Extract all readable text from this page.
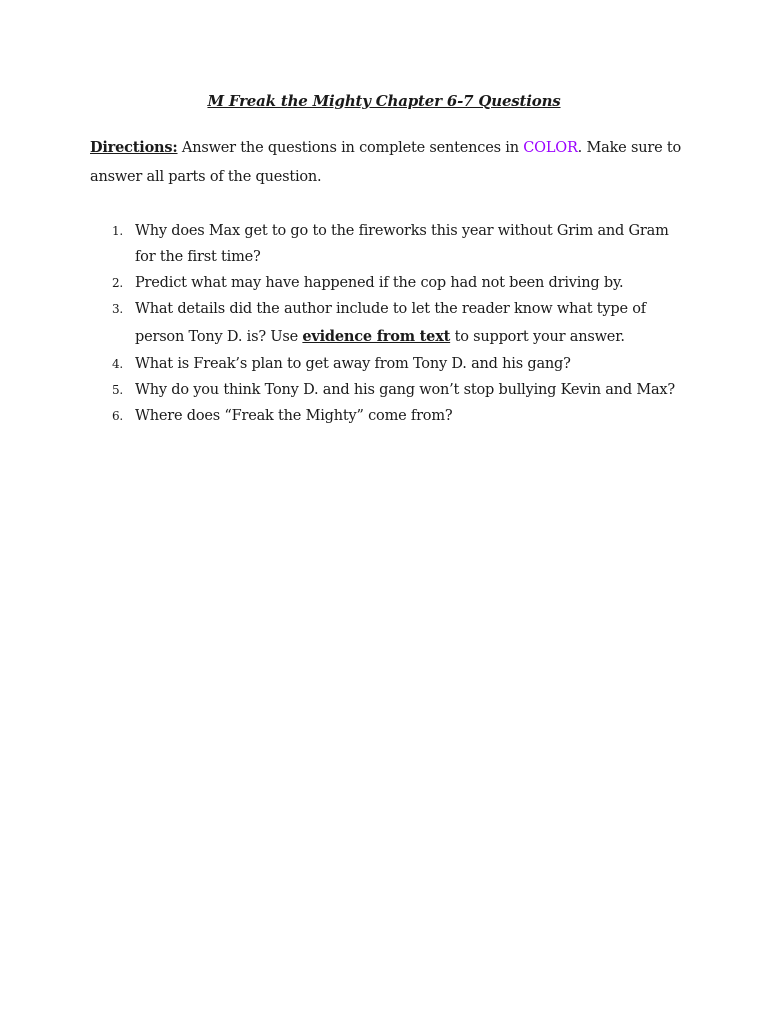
M Freak the Mighty Chapter 6-7 Questions
Directions: Answer the questions in complete sentences in COLOR. Make sure to answer all parts of the question.
1. Why does Max get to go to the fireworks this year without Grim and Gram for the first time?
2. Predict what may have happened if the cop had not been driving by.
3. What details did the author include to let the reader know what type of person Tony D. is? Use evidence from text to support your answer.
4. What is Freak’s plan to get away from Tony D. and his gang?
5. Why do you think Tony D. and his gang won’t stop bullying Kevin and Max?
6. Where does “Freak the Mighty” come from?
